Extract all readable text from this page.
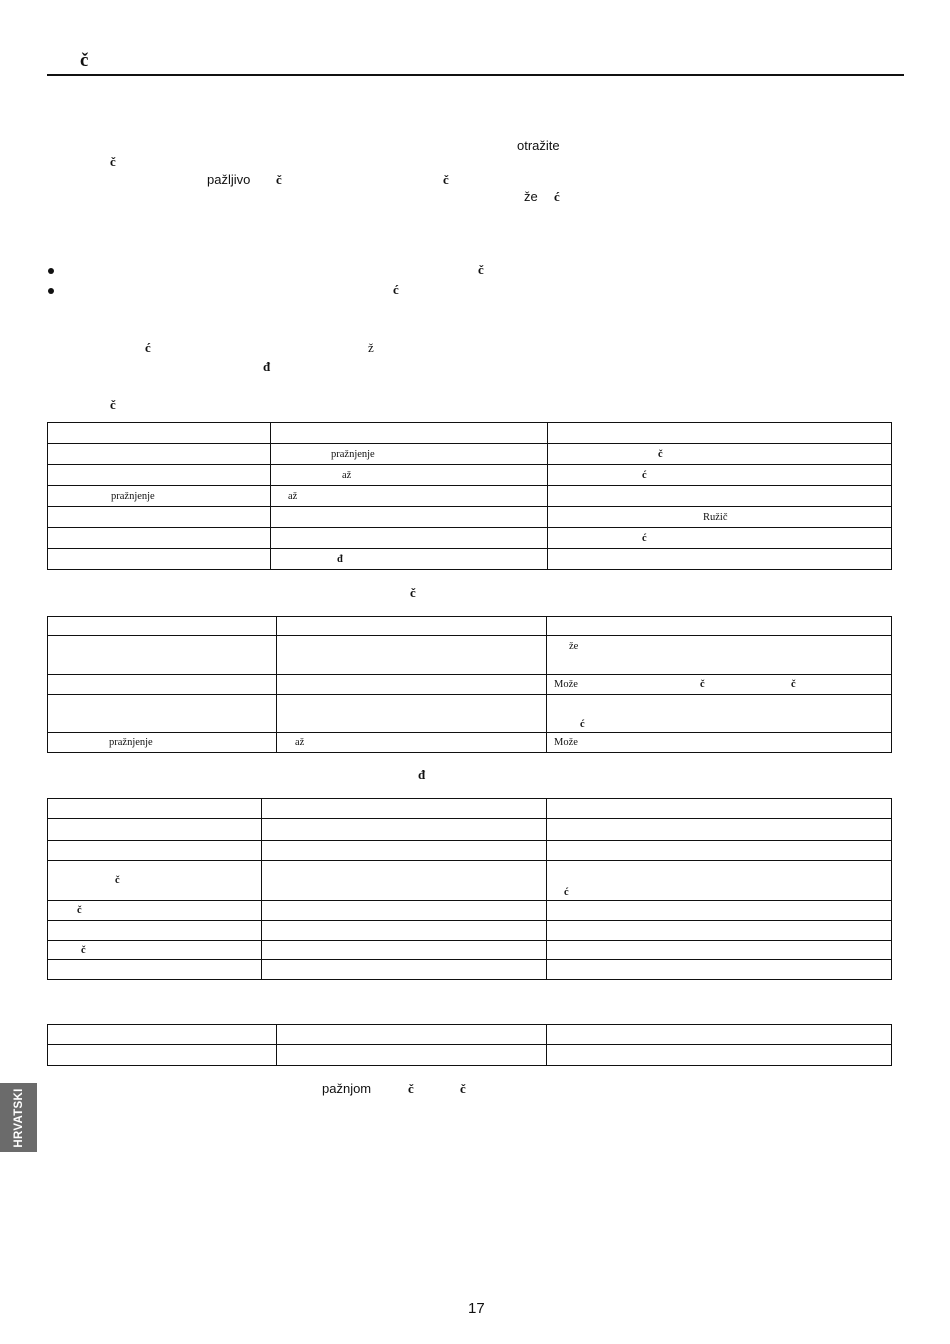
č
otražite
č
pažljivo č	č
že ć
č
ć
ć	ž
đ
č

	pražnjenje	č
	až	ć
pražnjenje	až	
		Ružič
		ć
	đ	
č

		že
		Može č č

		ć
pražnjenje	až	Može
đ

č		ć
č		

č		

pažnjom	č	č
HRVATSKI
17
